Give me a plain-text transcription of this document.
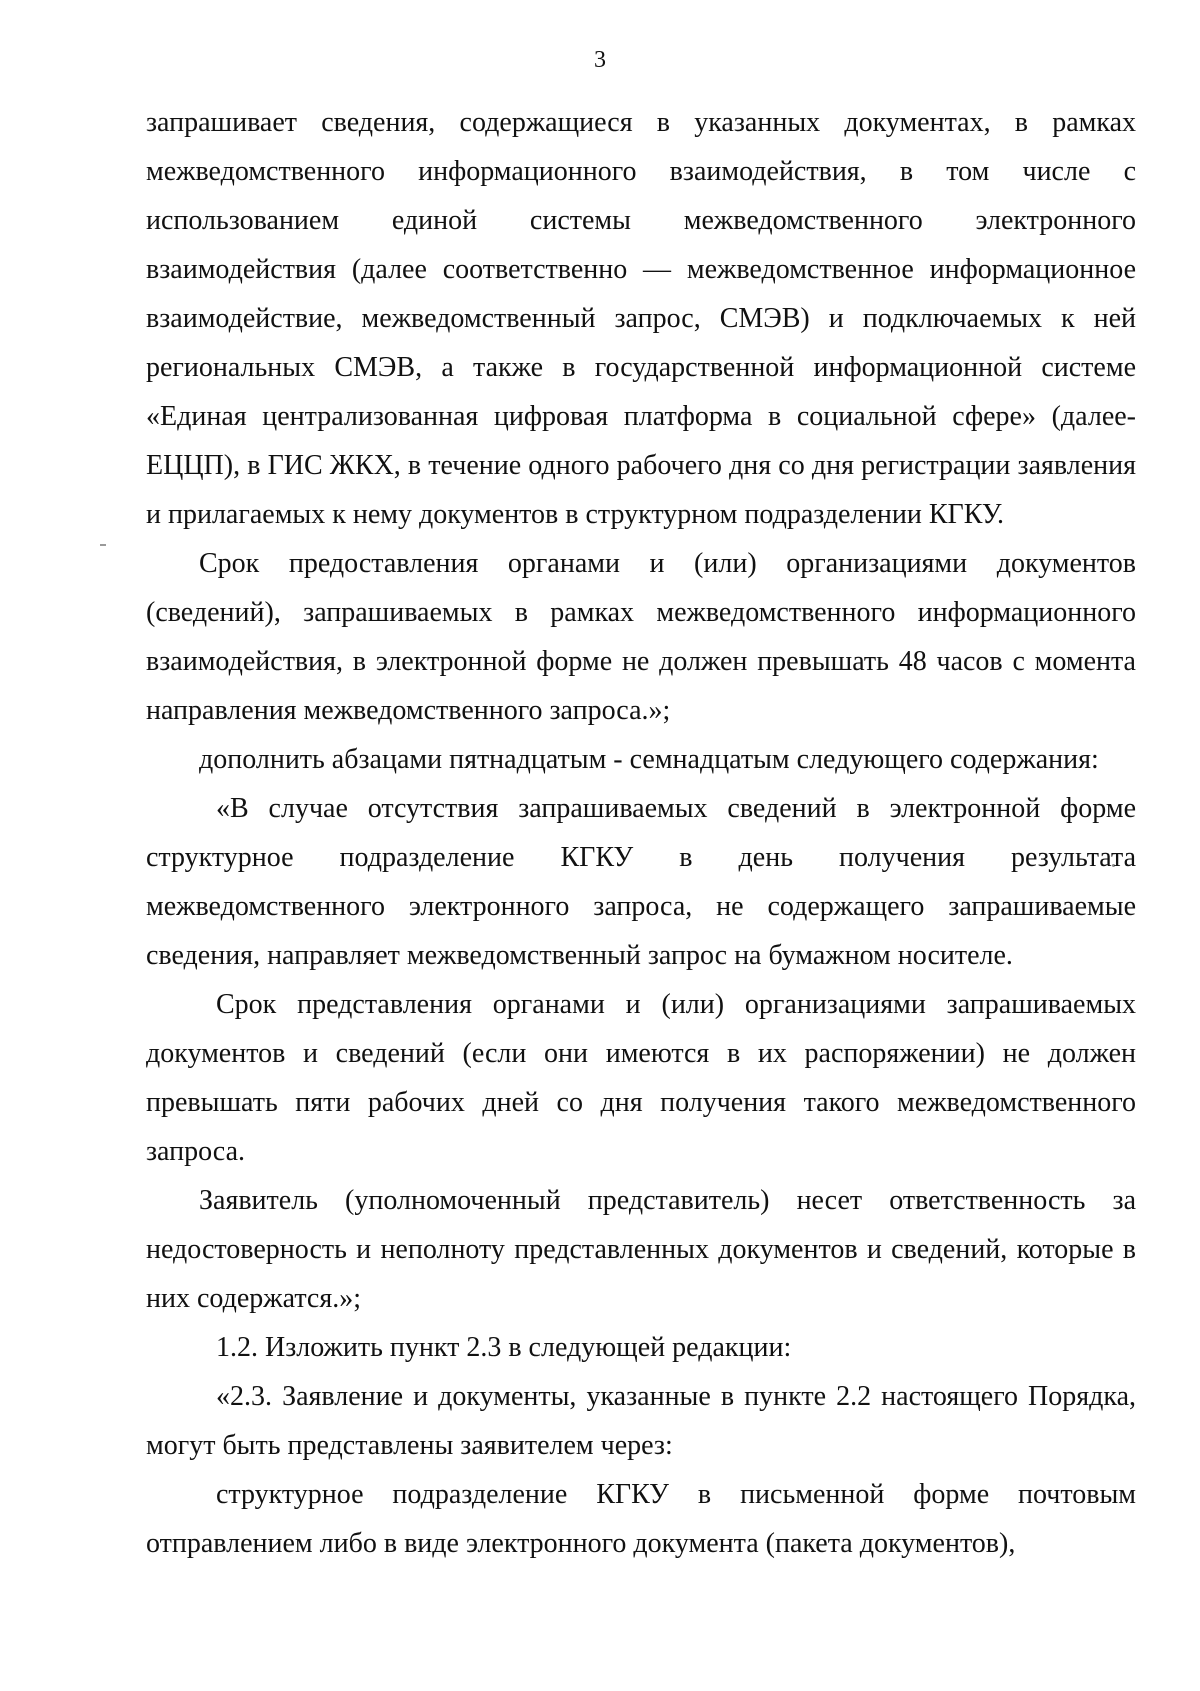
3

запрашивает сведения, содержащиеся в указанных документах, в рамках межведомственного информационного взаимодействия, в том числе с использованием единой системы межведомственного электронного взаимодействия (далее соответственно — межведомственное информационное взаимодействие, межведомственный запрос, СМЭВ) и подключаемых к ней региональных СМЭВ, а также в государственной информационной системе «Единая централизованная цифровая платформа в социальной сфере» (далее- ЕЦЦП), в ГИС ЖКХ, в течение одного рабочего дня со дня регистрации заявления и прилагаемых к нему документов в структурном подразделении КГКУ.

Срок предоставления органами и (или) организациями документов (сведений), запрашиваемых в рамках межведомственного информационного взаимодействия, в электронной форме не должен превышать 48 часов с момента направления межведомственного запроса.»;

дополнить абзацами пятнадцатым - семнадцатым следующего содержания:

«В случае отсутствия запрашиваемых сведений в электронной форме структурное подразделение КГКУ в день получения результата межведомственного электронного запроса, не содержащего запрашиваемые сведения, направляет межведомственный запрос на бумажном носителе.

Срок представления органами и (или) организациями запрашиваемых документов и сведений (если они имеются в их распоряжении) не должен превышать пяти рабочих дней со дня получения такого межведомственного запроса.

Заявитель (уполномоченный представитель) несет ответственность за недостоверность и неполноту представленных документов и сведений, которые в них содержатся.»;

1.2. Изложить пункт 2.3 в следующей редакции:

«2.3. Заявление и документы, указанные в пункте 2.2 настоящего Порядка, могут быть представлены заявителем через:

структурное подразделение КГКУ в письменной форме почтовым отправлением либо в виде электронного документа (пакета документов),
